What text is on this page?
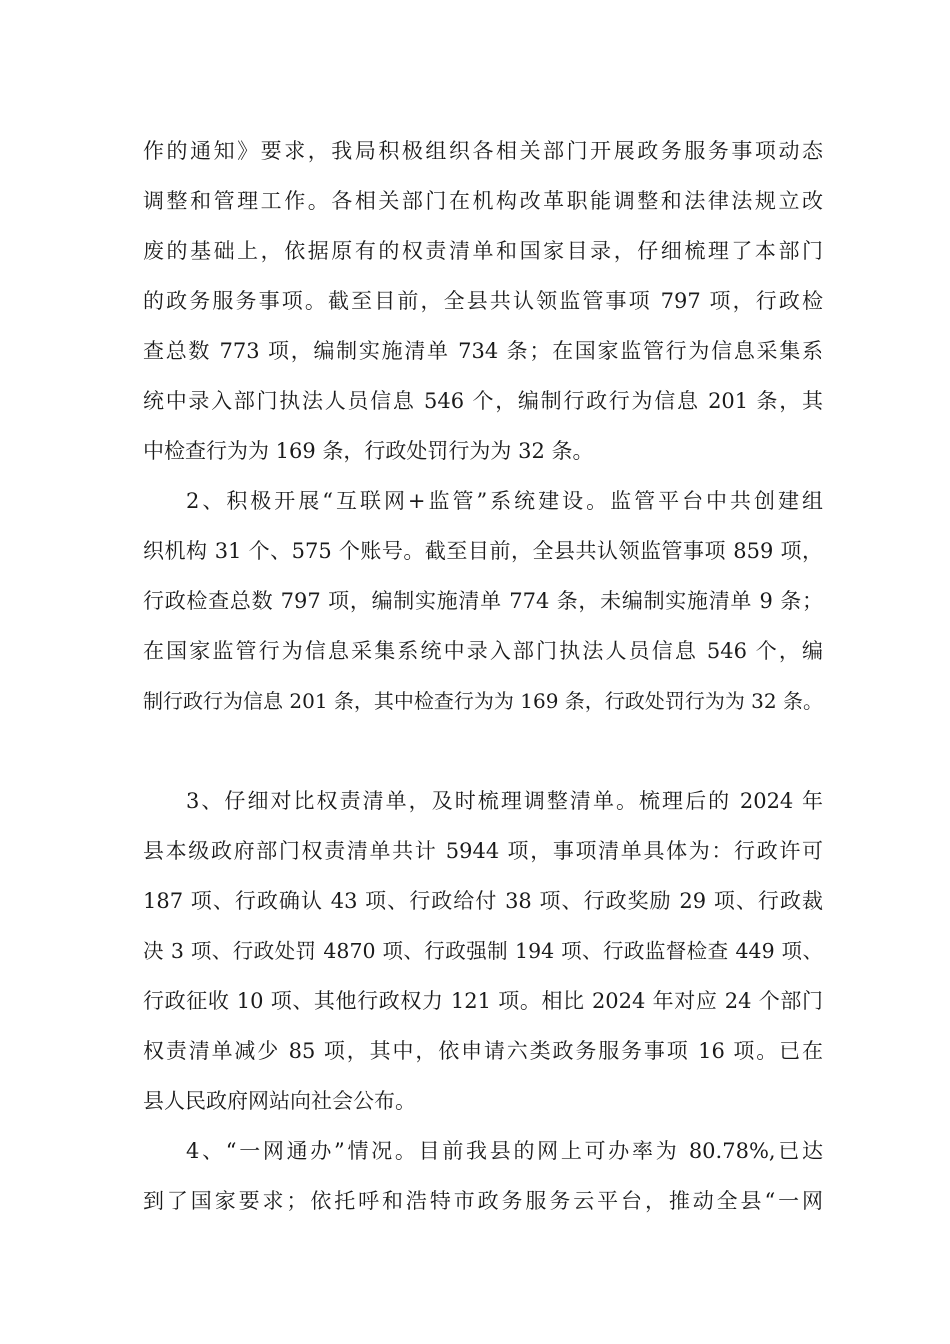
作的通知》要求，我局积极组织各相关部门开展政务服务事项动态
调整和管理工作。各相关部门在机构改革职能调整和法律法规立改
废的基础上，依据原有的权责清单和国家目录，仔细梳理了本部门
的政务服务事项。截至目前，全县共认领监管事项 797 项，行政检
查总数 773 项，编制实施清单 734 条；在国家监管行为信息采集系
统中录入部门执法人员信息 546 个，编制行政行为信息 201 条，其
中检查行为为 169 条，行政处罚行为为 32 条。
2、积极开展“互联网+监管”系统建设。监管平台中共创建组
织机构 31 个、575 个账号。截至目前，全县共认领监管事项 859 项，
行政检查总数 797 项，编制实施清单 774 条，未编制实施清单 9 条；
在国家监管行为信息采集系统中录入部门执法人员信息 546 个，编
制行政行为信息 201 条，其中检查行为为 169 条，行政处罚行为为 32 条。
3、仔细对比权责清单，及时梳理调整清单。梳理后的 2024 年
县本级政府部门权责清单共计 5944 项，事项清单具体为：行政许可
187 项、行政确认 43 项、行政给付 38 项、行政奖励 29 项、行政裁
决 3 项、行政处罚 4870 项、行政强制 194 项、行政监督检查 449 项、
行政征收 10 项、其他行政权力 121 项。相比 2024 年对应 24 个部门
权责清单减少 85 项，其中，依申请六类政务服务事项 16 项。已在
县人民政府网站向社会公布。
4、“一网通办”情况。目前我县的网上可办率为 80.78%,已达
到了国家要求；依托呼和浩特市政务服务云平台，推动全县“一网
